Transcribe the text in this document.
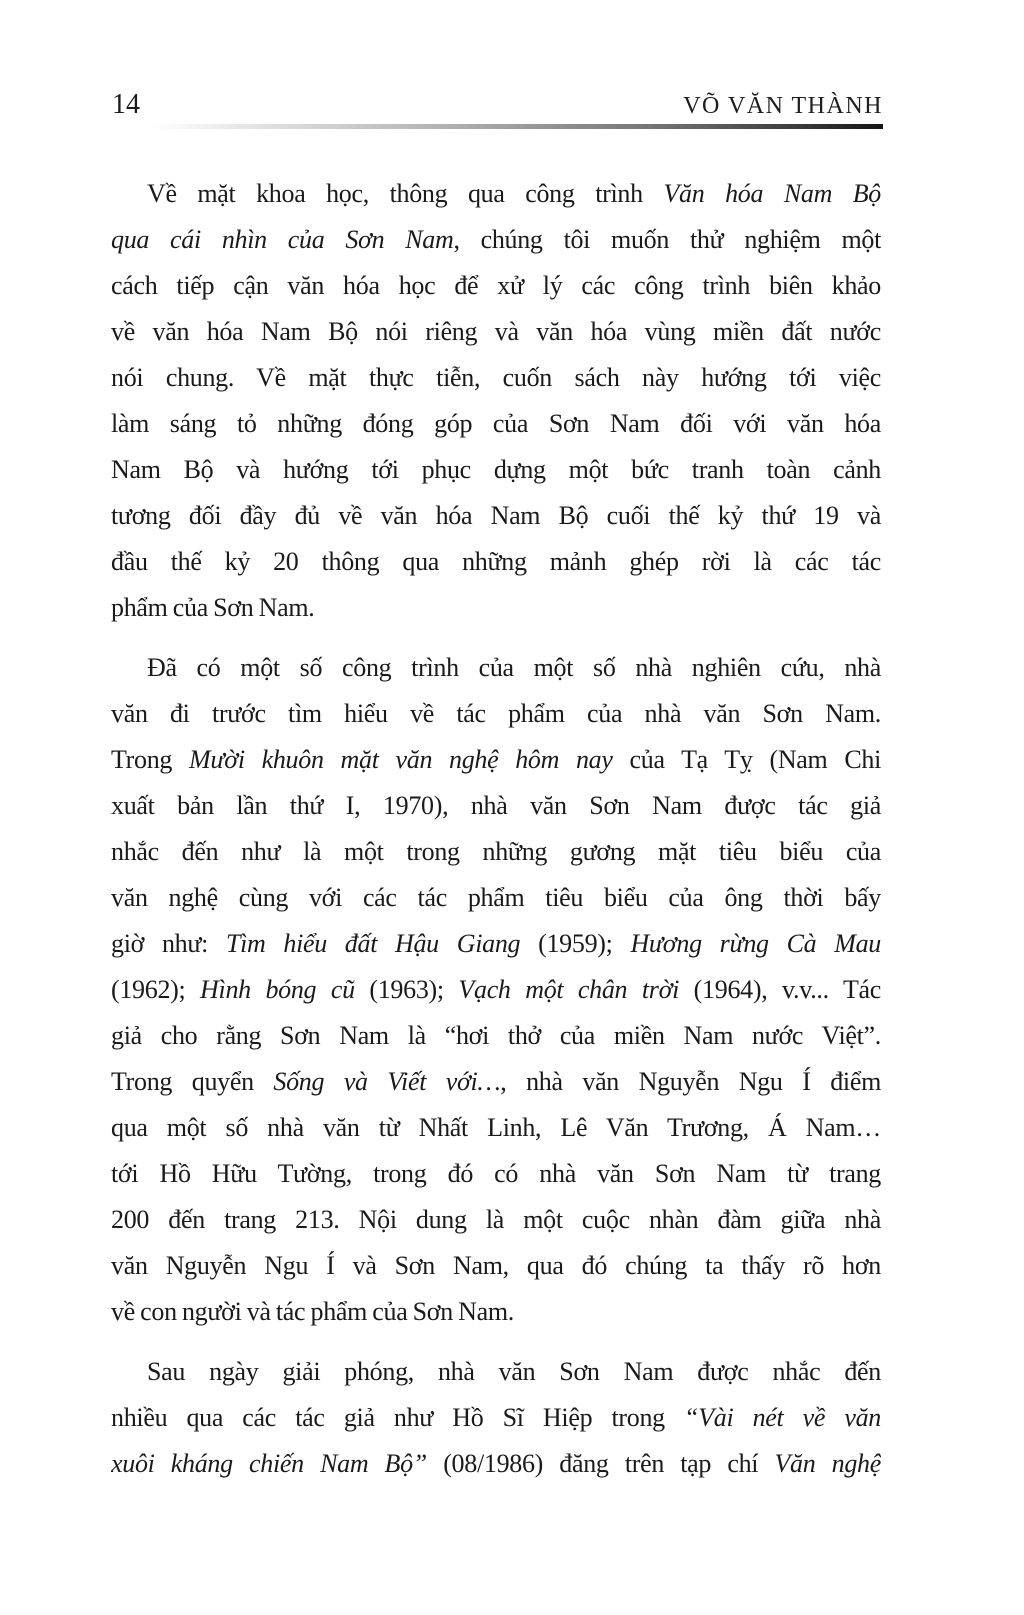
14	VÕ VĂN THÀNH
Về mặt khoa học, thông qua công trình Văn hóa Nam Bộ
qua cái nhìn của Sơn Nam, chúng tôi muốn thử nghiệm một
cách tiếp cận văn hóa học để xử lý các công trình biên khảo
về văn hóa Nam Bộ nói riêng và văn hóa vùng miền đất nước
nói chung. Về mặt thực tiễn, cuốn sách này hướng tới việc
làm sáng tỏ những đóng góp của Sơn Nam đối với văn hóa
Nam Bộ và hướng tới phục dựng một bức tranh toàn cảnh
tương đối đầy đủ về văn hóa Nam Bộ cuối thế kỷ thứ 19 và
đầu thế kỷ 20 thông qua những mảnh ghép rời là các tác
phẩm của Sơn Nam.
Đã có một số công trình của một số nhà nghiên cứu, nhà
văn đi trước tìm hiểu về tác phẩm của nhà văn Sơn Nam.
Trong Mười khuôn mặt văn nghệ hôm nay của Tạ Tỵ (Nam Chi
xuất bản lần thứ I, 1970), nhà văn Sơn Nam được tác giả
nhắc đến như là một trong những gương mặt tiêu biểu của
văn nghệ cùng với các tác phẩm tiêu biểu của ông thời bấy
giờ như: Tìm hiểu đất Hậu Giang (1959); Hương rừng Cà Mau
(1962); Hình bóng cũ (1963); Vạch một chân trời (1964), v.v... Tác
giả cho rằng Sơn Nam là “hơi thở của miền Nam nước Việt”.
Trong quyển Sống và Viết với…, nhà văn Nguyễn Ngu Í điểm
qua một số nhà văn từ Nhất Linh, Lê Văn Trương, Á Nam…
tới Hồ Hữu Tường, trong đó có nhà văn Sơn Nam từ trang
200 đến trang 213. Nội dung là một cuộc nhàn đàm giữa nhà
văn Nguyễn Ngu Í và Sơn Nam, qua đó chúng ta thấy rõ hơn
về con người và tác phẩm của Sơn Nam.
Sau ngày giải phóng, nhà văn Sơn Nam được nhắc đến
nhiều qua các tác giả như Hồ Sĩ Hiệp trong “Vài nét về văn
xuôi kháng chiến Nam Bộ” (08/1986) đăng trên tạp chí Văn nghệ
